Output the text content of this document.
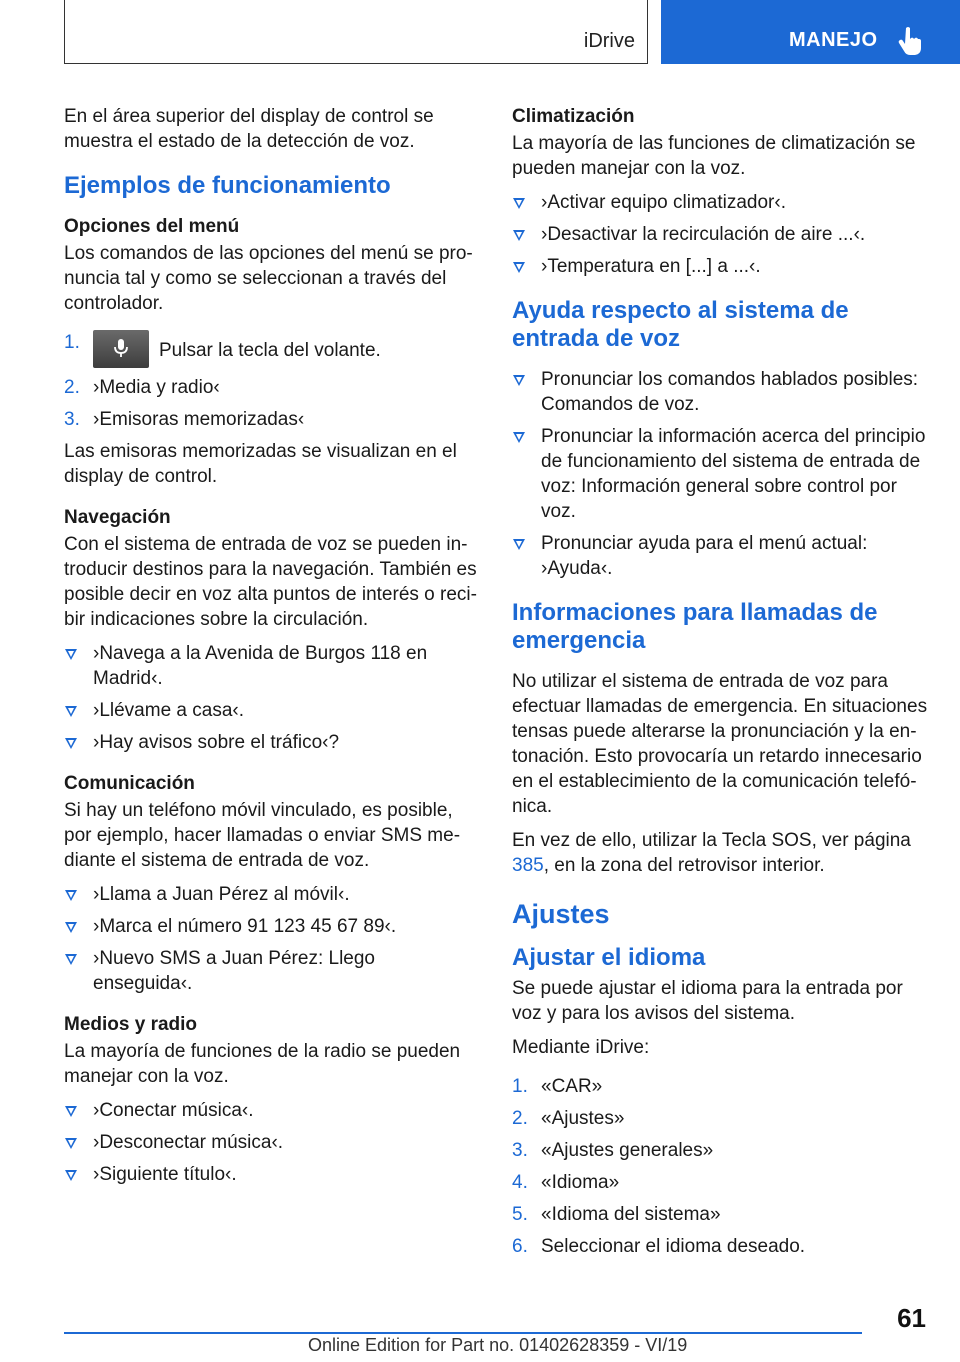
iDrive	MANEJO

En el área superior del display de control se muestra el estado de la detección de voz.

Ejemplos de funcionamiento
Opciones del menú

Los comandos de las opciones del menú se pronuncia tal y como se seleccionan a través del controlador.

1.	Pulsar la tecla del volante.
2. ›Media y radio‹
3. ›Emisoras memorizadas‹

Las emisoras memorizadas se visualizan en el display de control.

Navegación

Con el sistema de entrada de voz se pueden introducir destinos para la navegación. También es posible decir en voz alta puntos de interés o recibir indicaciones sobre la circulación.

›Navega a la Avenida de Burgos 118 en Madrid‹.
›Llévame a casa‹.
›Hay avisos sobre el tráfico‹?
Comunicación

Si hay un teléfono móvil vinculado, es posible, por ejemplo, hacer llamadas o enviar SMS mediante el sistema de entrada de voz.

›Llama a Juan Pérez al móvil‹.
›Marca el número 91 123 45 67 89‹.
›Nuevo SMS a Juan Pérez: Llego enseguida‹.
Medios y radio

La mayoría de funciones de la radio se pueden manejar con la voz.

›Conectar música‹.
›Desconectar música‹.
›Siguiente título‹.
Climatización

La mayoría de las funciones de climatización se pueden manejar con la voz.

›Activar equipo climatizador‹.
›Desactivar la recirculación de aire ...‹.
›Temperatura en [...] a ...‹.
Ayuda respecto al sistema de entrada de voz
Pronunciar los comandos hablados posibles: Comandos de voz.
Pronunciar la información acerca del principio de funcionamiento del sistema de entrada de voz: Información general sobre control por voz.
Pronunciar ayuda para el menú actual: ›Ayuda‹.
Informaciones para llamadas de emergencia

No utilizar el sistema de entrada de voz para efectuar llamadas de emergencia. En situaciones tensas puede alterarse la pronunciación y la entonación. Esto provocaría un retardo innecesario en el establecimiento de la comunicación telefónica.

En vez de ello, utilizar la Tecla SOS, ver página 385, en la zona del retrovisor interior.

Ajustes
Ajustar el idioma

Se puede ajustar el idioma para la entrada por voz y para los avisos del sistema.

Mediante iDrive:

1. «CAR»
2. «Ajustes»
3. «Ajustes generales»
4. «Idioma»
5. «Idioma del sistema»
6. Seleccionar el idioma deseado.
61
Online Edition for Part no. 01402628359 - VI/19
